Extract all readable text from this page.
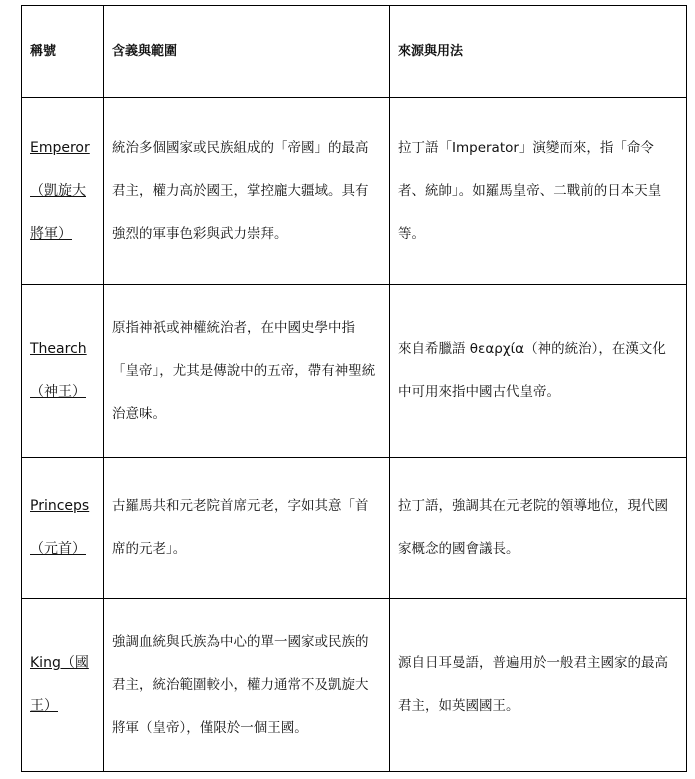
稱號	含義與範圍	來源與用法
Emperor（凱旋大將軍）	統治多個國家或民族組成的「帝國」的最高君主，權力高於國王，掌控龐大疆域。具有強烈的軍事色彩與武力崇拜。	拉丁語「Imperator」演變而來，指「命令者、統帥」。如羅馬皇帝、二戰前的日本天皇等。

Thearch（神王）	原指神祇或神權統治者，在中國史學中指「皇帝」，尤其是傳說中的五帝，帶有神聖統治意味。	來自希臘語 θεαρχία（神的統治），在漢文化中可用來指中國古代皇帝。

Princeps（元首）	古羅馬共和元老院首席元老，字如其意「首席的元老」。	拉丁語，強調其在元老院的領導地位，現代國家概念的國會議長。

King（國王）	強調血統與氏族為中心的單一國家或民族的君主，統治範圍較小，權力通常不及凱旋大將軍（皇帝），僅限於一個王國。	源自日耳曼語，普遍用於一般君主國家的最高君主，如英國國王。
